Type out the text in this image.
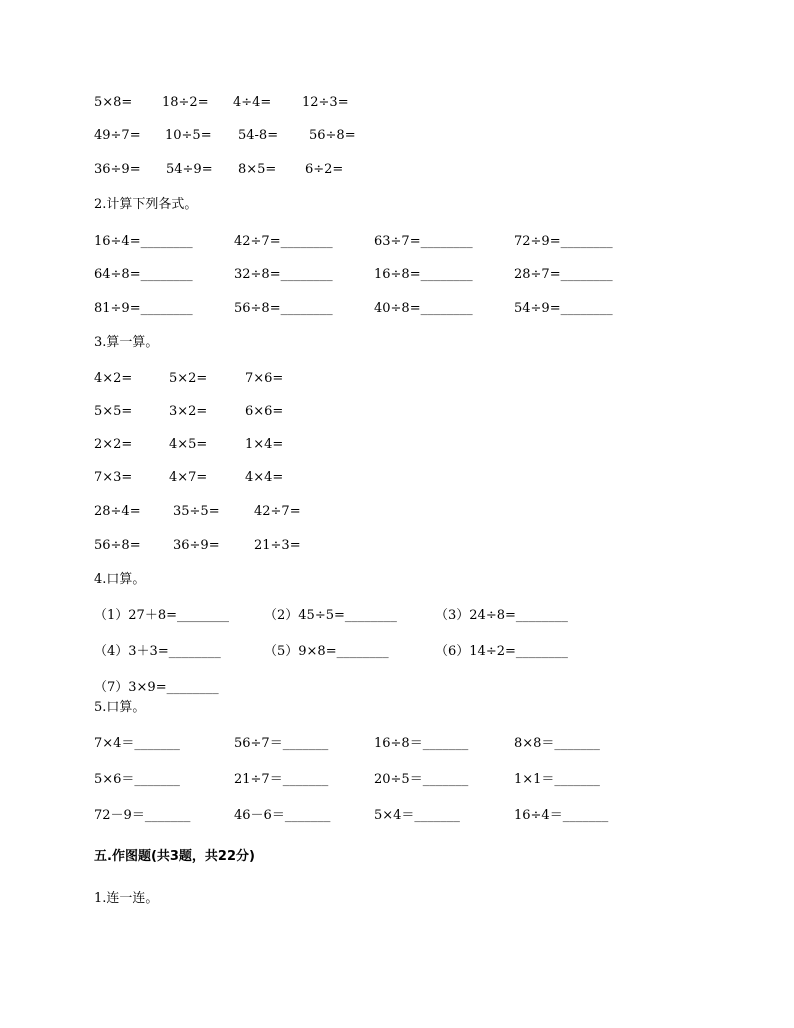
5×8= 18÷2= 4÷4= 12÷3=
49÷7= 10÷5= 54-8= 56÷8=
36÷9= 54÷9= 8×5= 6÷2=
2.计算下列各式。
16÷4=________	42÷7=________	63÷7=________	72÷9=________
64÷8=________	32÷8=________	16÷8=________	28÷7=________
81÷9=________	56÷8=________	40÷8=________	54÷9=________
3.算一算。
4×2=	5×2=	7×6=
5×5=	3×2=	6×6=
2×2=	4×5=	1×4=
7×3=	4×7=	4×4=
28÷4= 35÷5=	42÷7=
56÷8= 36÷9=	21÷3=
4.口算。
（1）27＋8=________	（2）45÷5=________	（3）24÷8=________
（4）3＋3=________	（5）9×8=________	（6）14÷2=________
（7）3×9=________
5.口算。
7×4＝_______	56÷7＝_______	16÷8＝_______	8×8＝_______
5×6＝_______	21÷7＝_______	20÷5＝_______	1×1＝_______
72－9＝_______	46－6＝_______	5×4＝_______	16÷4＝_______
五.作图题(共3题，共22分)
1.连一连。
